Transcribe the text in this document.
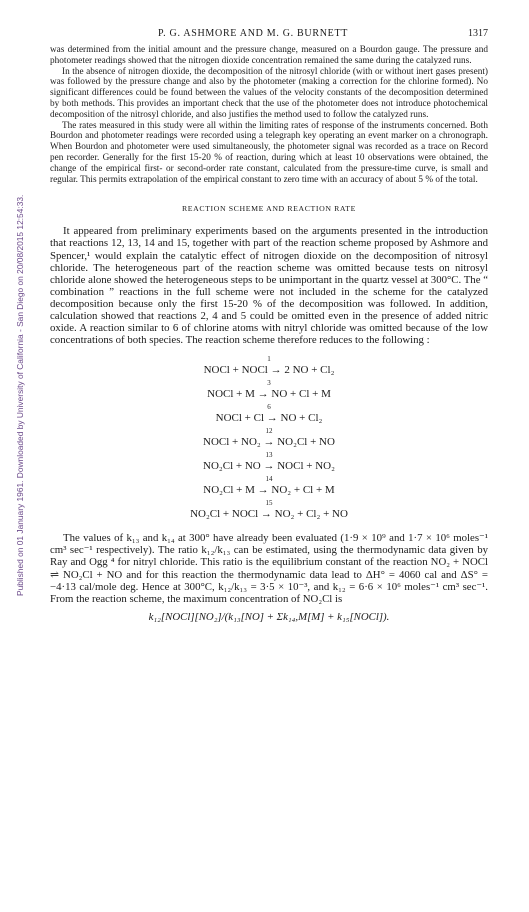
Published on 01 January 1961. Downloaded by University of California - San Diego on 20/08/2015 12:54:33.
P. G. ASHMORE AND M. G. BURNETT	1317

was determined from the initial amount and the pressure change, measured on a Bourdon gauge. The pressure and photometer readings showed that the nitrogen dioxide concentration remained the same during the catalyzed runs.

In the absence of nitrogen dioxide, the decomposition of the nitrosyl chloride (with or without inert gases present) was followed by the pressure change and also by the photometer (making a correction for the chlorine formed). No significant differences could be found between the values of the velocity constants of the decomposition determined by both methods. This provides an important check that the use of the photometer does not introduce photochemical decomposition of the nitrosyl chloride, and also justifies the method used to follow the catalyzed runs.

The rates measured in this study were all within the limiting rates of response of the instruments concerned. Both Bourdon and photometer readings were recorded using a telegraph key operating an event marker on a chronograph. When Bourdon and photometer were used simultaneously, the photometer signal was recorded as a trace on Record pen recorder. Generally for the first 15-20 % of reaction, during which at least 10 observations were obtained, the change of the empirical first- or second-order rate constant, calculated from the pressure-time curve, is small and regular. This permits extrapolation of the empirical constant to zero time with an accuracy of about 5 % of the total.

REACTION SCHEME AND REACTION RATE

It appeared from preliminary experiments based on the arguments presented in the introduction that reactions 12, 13, 14 and 15, together with part of the reaction scheme proposed by Ashmore and Spencer,¹ would explain the catalytic effect of nitrogen dioxide on the decomposition of nitrosyl chloride. The heterogeneous part of the reaction scheme was omitted because tests on nitrosyl chloride alone showed the heterogeneous steps to be unimportant in the quartz vessel at 300°C. The “ combination ” reactions in the full scheme were not included in the scheme for the catalyzed decomposition because only the first 15-20 % of the decomposition was followed. In addition, calculation showed that reactions 2, 4 and 5 could be omitted even in the presence of added nitric oxide. A reaction similar to 6 of chlorine atoms with nitryl chloride was omitted because of the low concentrations of both species. The reaction scheme therefore reduces to the following :

1
NOCl + NOCl → 2 NO + Cl₂
3
NOCl + M → NO + Cl + M
6
NOCl + Cl → NO + Cl₂
12
NOCl + NO₂ → NO₂Cl + NO
13
NO₂Cl + NO → NOCl + NO₂
14
NO₂Cl + M → NO₂ + Cl + M
15
NO₂Cl + NOCl → NO₂ + Cl₂ + NO

The values of k₁₃ and k₁₄ at 300° have already been evaluated (1·9 × 10⁹ and 1·7 × 10⁶ moles⁻¹ cm³ sec⁻¹ respectively). The ratio k₁₂/k₁₃ can be estimated, using the thermodynamic data given by Ray and Ogg ⁴ for nitryl chloride. This ratio is the equilibrium constant of the reaction NO₂ + NOCl ⇌ NO₂Cl + NO and for this reaction the thermodynamic data lead to ΔH° = 4060 cal and ΔS° = −4·13 cal/mole deg. Hence at 300°C, k₁₂/k₁₃ = 3·5 × 10⁻³, and k₁₂ = 6·6 × 10⁶ moles⁻¹ cm³ sec⁻¹. From the reaction scheme, the maximum concentration of NO₂Cl is

k₁₂[NOCl][NO₂]/(k₁₃[NO] + Σk₁₄,M[M] + k₁₅[NOCl]).
